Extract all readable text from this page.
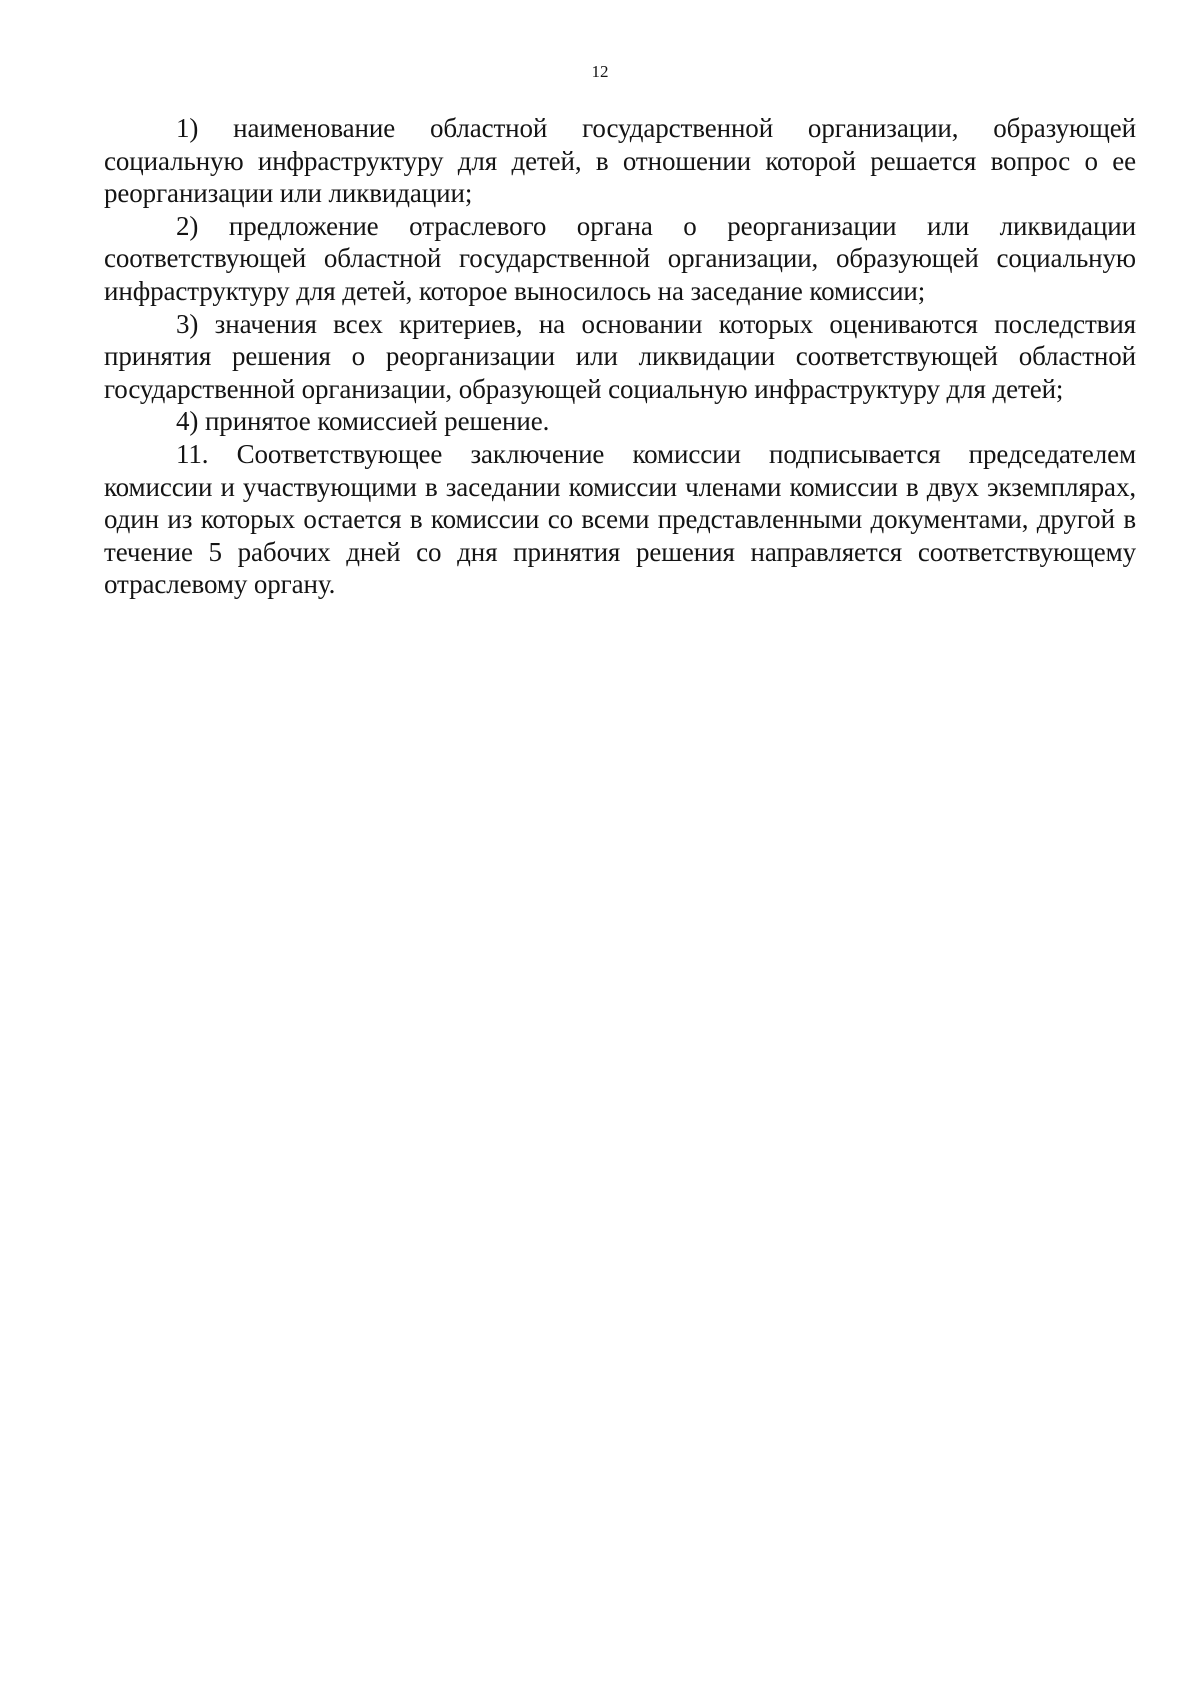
12

1) наименование областной государственной организации, образующей социальную инфраструктуру для детей, в отношении которой решается вопрос о ее реорганизации или ликвидации;

2) предложение отраслевого органа о реорганизации или ликвидации соответствующей областной государственной организации, образующей социальную инфраструктуру для детей, которое выносилось на заседание комиссии;

3) значения всех критериев, на основании которых оцениваются последствия принятия решения о реорганизации или ликвидации соответствующей областной государственной организации, образующей социальную инфраструктуру для детей;

4) принятое комиссией решение.

11. Соответствующее заключение комиссии подписывается председателем комиссии и участвующими в заседании комиссии членами комиссии в двух экземплярах, один из которых остается в комиссии со всеми представленными документами, другой в течение 5 рабочих дней со дня принятия решения направляется соответствующему отраслевому органу.
